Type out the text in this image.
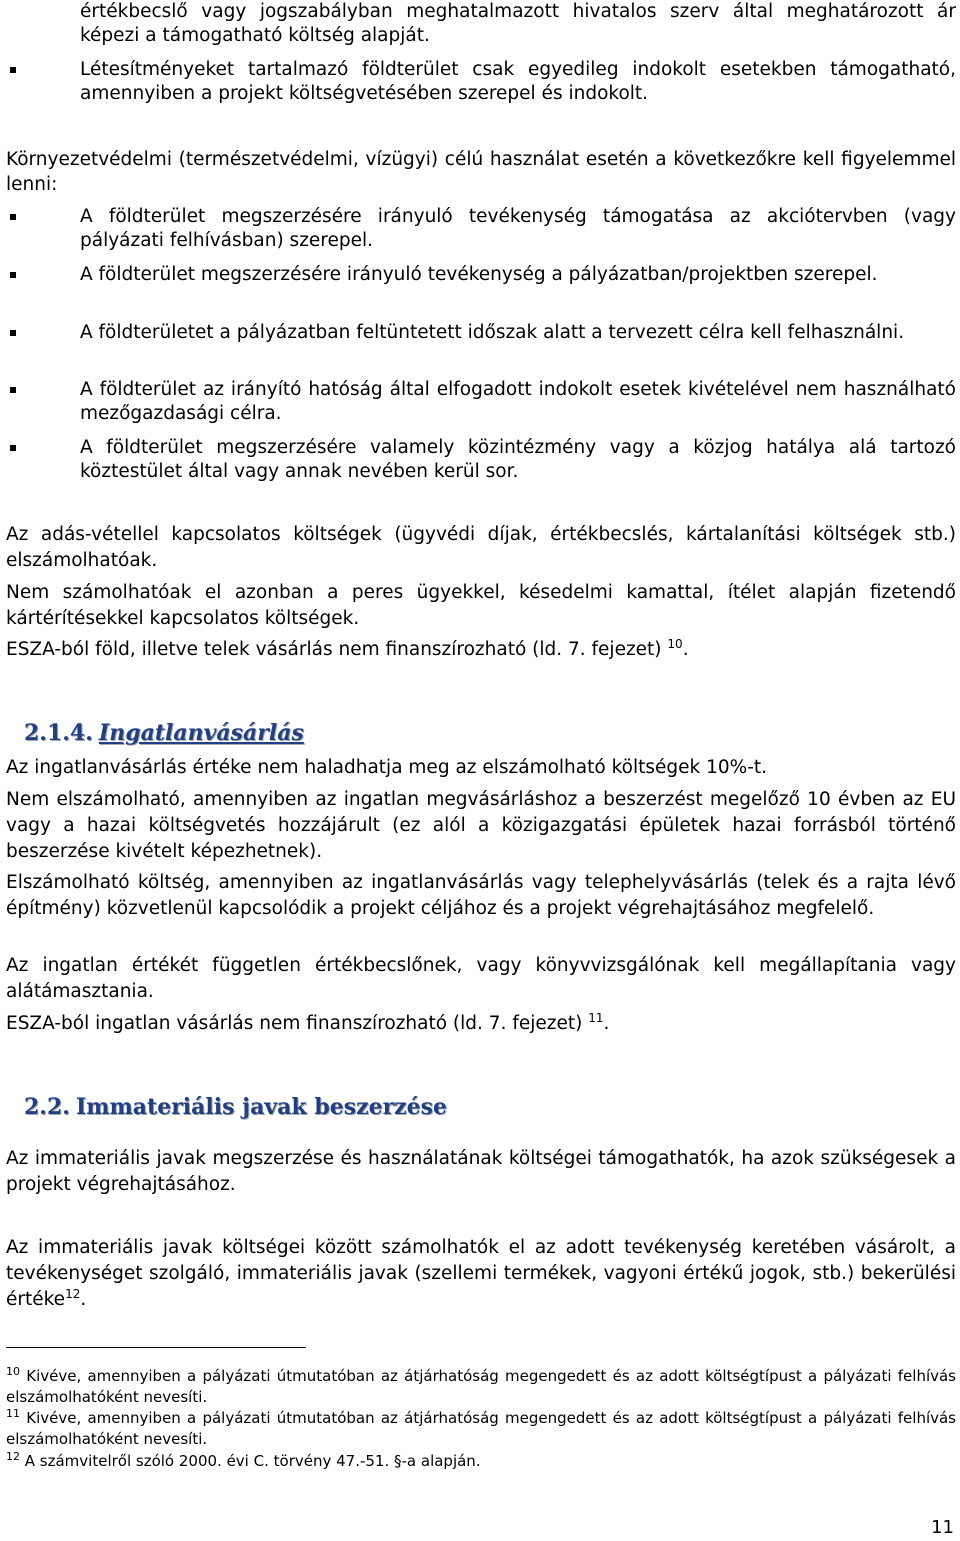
értékbecslő vagy jogszabályban meghatalmazott hivatalos szerv által meghatározott ár képezi a támogatható költség alapját.

Létesítményeket tartalmazó földterület csak egyedileg indokolt esetekben támogatható, amennyiben a projekt költségvetésében szerepel és indokolt.

Környezetvédelmi (természetvédelmi, vízügyi) célú használat esetén a következőkre kell figyelemmel lenni:

A földterület megszerzésére irányuló tevékenység támogatása az akciótervben (vagy pályázati felhívásban) szerepel.

A földterület megszerzésére irányuló tevékenység a pályázatban/projektben szerepel.

A földterületet a pályázatban feltüntetett időszak alatt a tervezett célra kell felhasználni.

A földterület az irányító hatóság által elfogadott indokolt esetek kivételével nem használható mezőgazdasági célra.

A földterület megszerzésére valamely közintézmény vagy a közjog hatálya alá tartozó köztestület által vagy annak nevében kerül sor.

Az adás-vétellel kapcsolatos költségek (ügyvédi díjak, értékbecslés, kártalanítási költségek stb.) elszámolhatóak.

Nem számolhatóak el azonban a peres ügyekkel, késedelmi kamattal, ítélet alapján fizetendő kártérítésekkel kapcsolatos költségek.

ESZA-ból föld, illetve telek vásárlás nem finanszírozható (ld. 7. fejezet) $^{10}$.

2.1.4. Ingatlanvásárlás

Az ingatlanvásárlás értéke nem haladhatja meg az elszámolható költségek 10%-t.

Nem elszámolható, amennyiben az ingatlan megvásárláshoz a beszerzést megelőző 10 évben az EU vagy a hazai költségvetés hozzájárult (ez alól a közigazgatási épületek hazai forrásból történő beszerzése kivételt képezhetnek).

Elszámolható költség, amennyiben az ingatlanvásárlás vagy telephelyvásárlás (telek és a rajta lévő építmény) közvetlenül kapcsolódik a projekt céljához és a projekt végrehajtásához megfelelő.

Az ingatlan értékét független értékbecslőnek, vagy könyvvizsgálónak kell megállapítania vagy alátámasztania.

ESZA-ból ingatlan vásárlás nem finanszírozható (ld. 7. fejezet) $^{11}$.

2.2. Immateriális javak beszerzése

Az immateriális javak megszerzése és használatának költségei támogathatók, ha azok szükségesek a projekt végrehajtásához.

Az immateriális javak költségei között számolhatók el az adott tevékenység keretében vásárolt, a tevékenységet szolgáló, immateriális javak (szellemi termékek, vagyoni értékű jogok, stb.) bekerülési értéke$^{12}$.

$^{10}$ Kivéve, amennyiben a pályázati útmutatóban az átjárhatóság megengedett és az adott költségtípust a pályázati felhívás elszámolhatóként nevesíti.
$^{11}$ Kivéve, amennyiben a pályázati útmutatóban az átjárhatóság megengedett és az adott költségtípust a pályázati felhívás elszámolhatóként nevesíti.
$^{12}$ A számvitelről szóló 2000. évi C. törvény 47.-51. §-a alapján.
11
